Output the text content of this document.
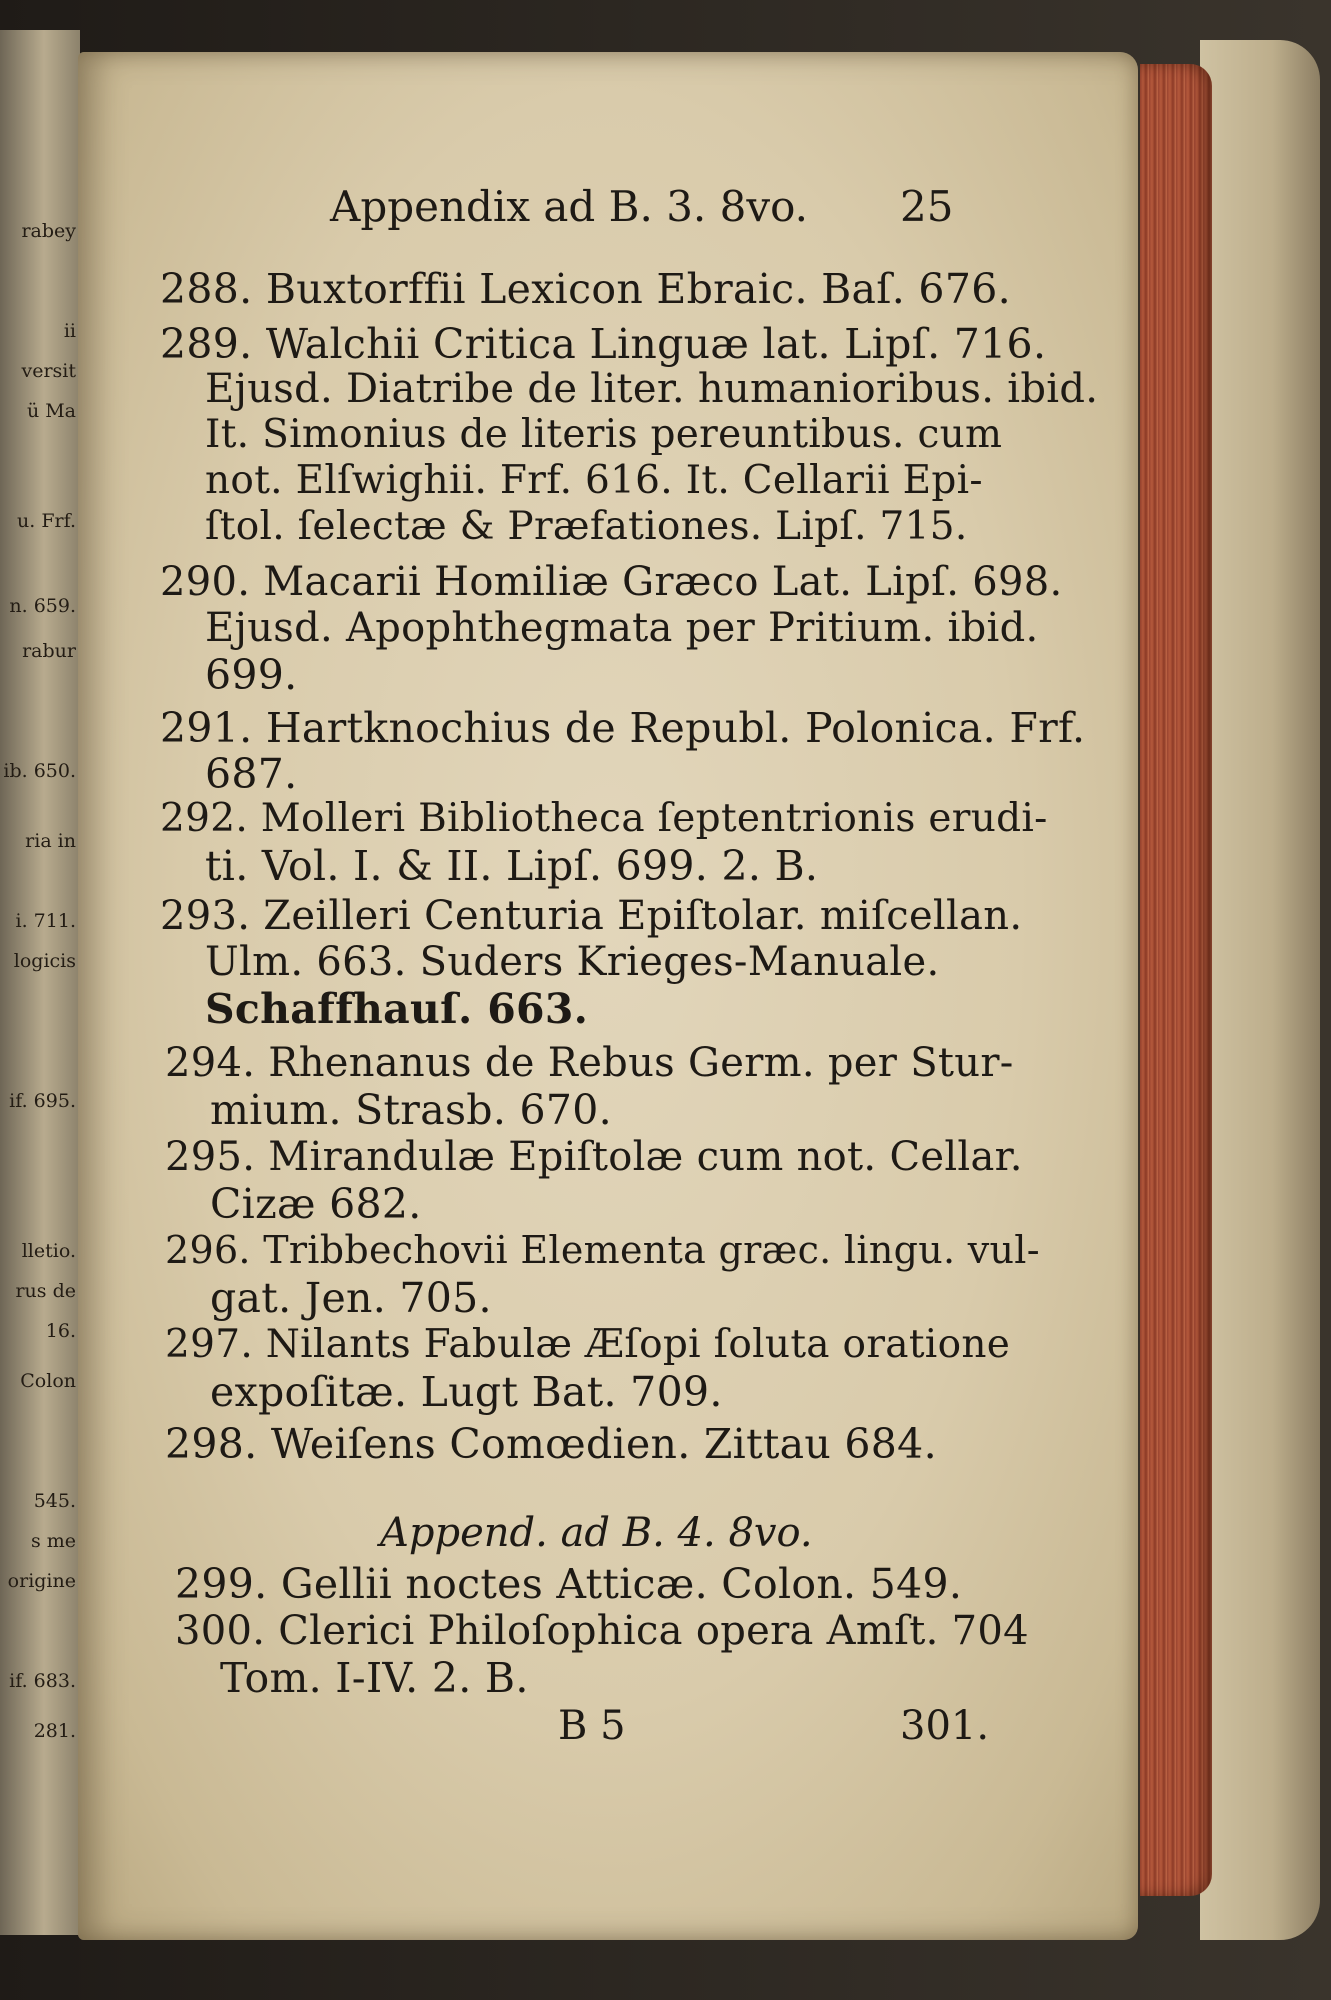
rabey
ii
versit
ü Ma
u. Frf.
n. 659.
rabur
ib. 650.
ria in
i. 711.
logicis
if. 695.
lletio.
rus de
16.
Colon
545.
s me
origine
if. 683.
281.
Appendix ad B. 3. 8vo. 25
288. Buxtorffii Lexicon Ebraic. Baſ. 676.
289. Walchii Critica Linguæ lat. Lipſ. 716.
Ejusd. Diatribe de liter. humanioribus. ibid.
It. Simonius de literis pereuntibus. cum
not. Elſwighii. Frf. 616. It. Cellarii Epi-
ſtol. ſelectæ & Præfationes. Lipſ. 715.
290. Macarii Homiliæ Græco Lat. Lipſ. 698.
Ejusd. Apophthegmata per Pritium. ibid.
699.
291. Hartknochius de Republ. Polonica. Frf.
687.
292. Molleri Bibliotheca ſeptentrionis erudi-
ti. Vol. I. & II. Lipſ. 699. 2. B.
293. Zeilleri Centuria Epiſtolar. miſcellan.
Ulm. 663. Suders Krieges-Manuale.
Schaffhauſ. 663.
294. Rhenanus de Rebus Germ. per Stur-
mium. Strasb. 670.
295. Mirandulæ Epiſtolæ cum not. Cellar.
Cizæ 682.
296. Tribbechovii Elementa græc. lingu. vul-
gat. Jen. 705.
297. Nilants Fabulæ Æſopi ſoluta oratione
expoſitæ. Lugt Bat. 709.
298. Weiſens Comœdien. Zittau 684.
Append. ad B. 4. 8vo.
299. Gellii noctes Atticæ. Colon. 549.
300. Clerici Philoſophica opera Amſt. 704
Tom. I-IV. 2. B.
B 5	301.
